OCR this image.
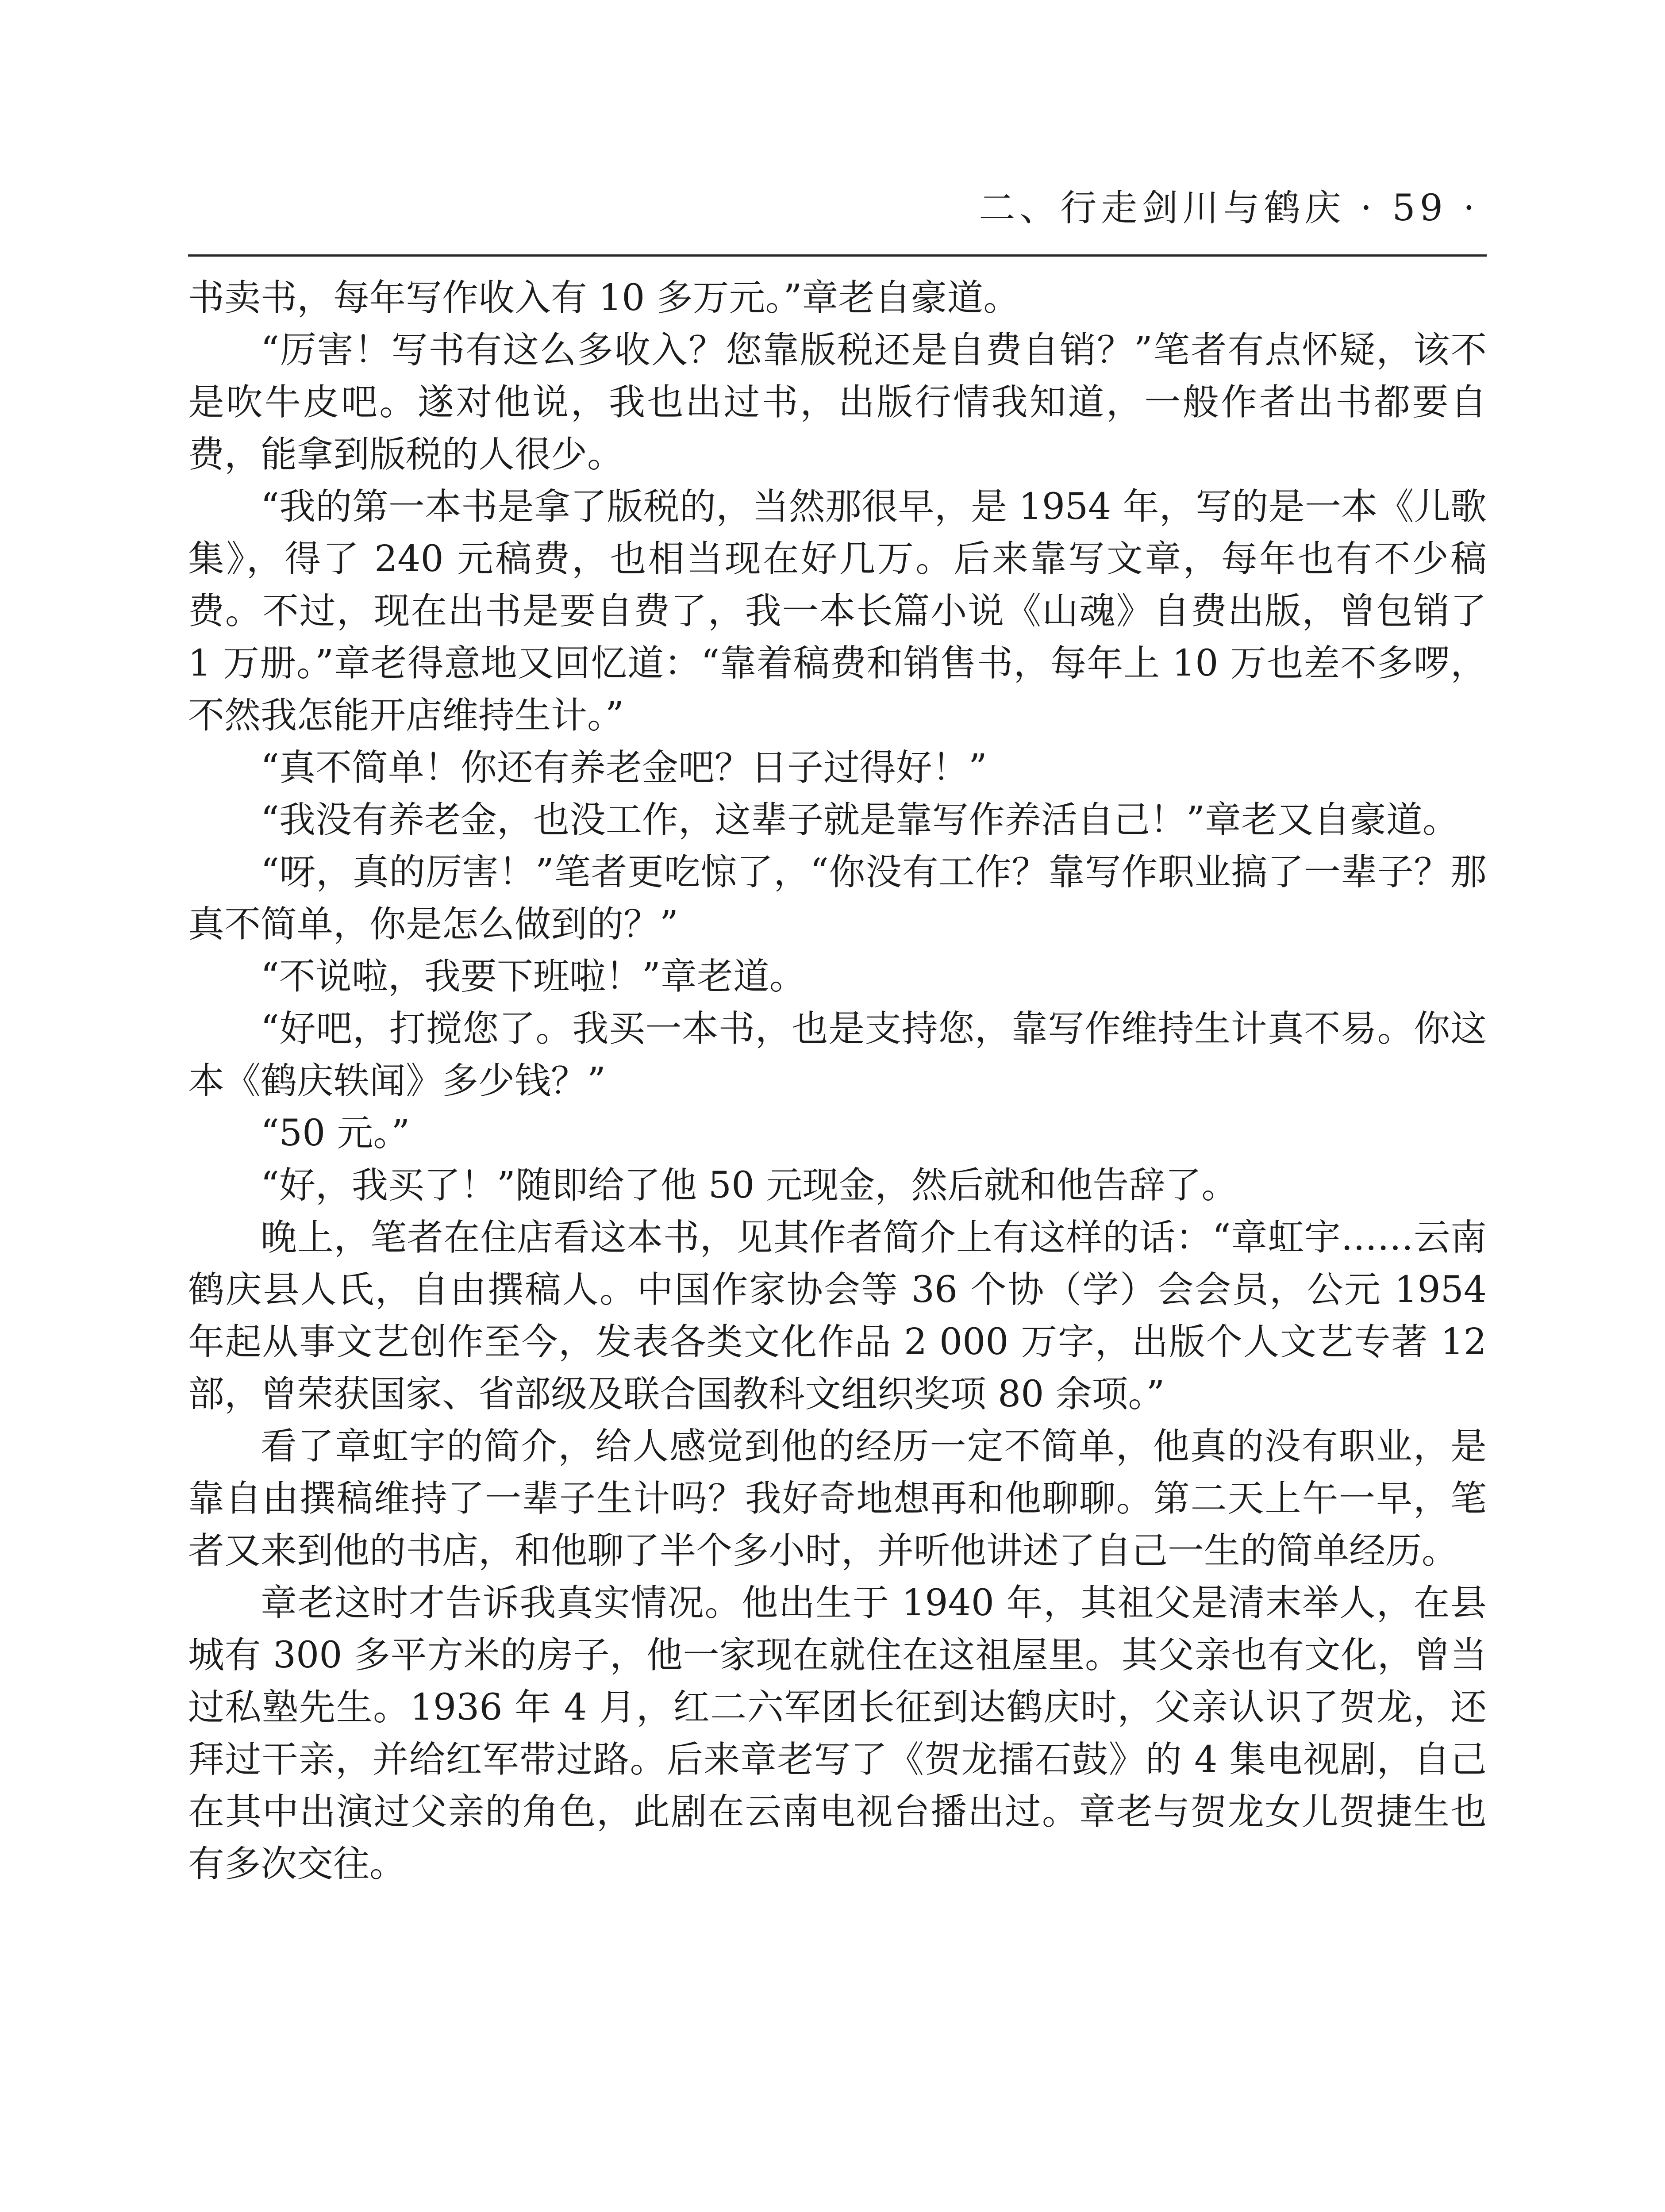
二、行走剑川与鹤庆 · 59 ·

书卖书，每年写作收入有 10 多万元。”章老自豪道。

“厉害！写书有这么多收入？您靠版税还是自费自销？”笔者有点怀疑，该不是吹牛皮吧。遂对他说，我也出过书，出版行情我知道，一般作者出书都要自费，能拿到版税的人很少。

“我的第一本书是拿了版税的，当然那很早，是 1954 年，写的是一本《儿歌集》，得了 240 元稿费，也相当现在好几万。后来靠写文章，每年也有不少稿费。不过，现在出书是要自费了，我一本长篇小说《山魂》自费出版，曾包销了 1 万册。”章老得意地又回忆道：“靠着稿费和销售书，每年上 10 万也差不多啰，不然我怎能开店维持生计。”

“真不简单！你还有养老金吧？日子过得好！”

“我没有养老金，也没工作，这辈子就是靠写作养活自己！”章老又自豪道。

“呀，真的厉害！”笔者更吃惊了，“你没有工作？靠写作职业搞了一辈子？那真不简单，你是怎么做到的？”

“不说啦，我要下班啦！”章老道。

“好吧，打搅您了。我买一本书，也是支持您，靠写作维持生计真不易。你这本《鹤庆轶闻》多少钱？”

“50 元。”

“好，我买了！”随即给了他 50 元现金，然后就和他告辞了。

晚上，笔者在住店看这本书，见其作者简介上有这样的话：“章虹宇……云南鹤庆县人氏，自由撰稿人。中国作家协会等 36 个协（学）会会员，公元 1954 年起从事文艺创作至今，发表各类文化作品 2 000 万字，出版个人文艺专著 12 部，曾荣获国家、省部级及联合国教科文组织奖项 80 余项。”

看了章虹宇的简介，给人感觉到他的经历一定不简单，他真的没有职业，是靠自由撰稿维持了一辈子生计吗？我好奇地想再和他聊聊。第二天上午一早，笔者又来到他的书店，和他聊了半个多小时，并听他讲述了自己一生的简单经历。

章老这时才告诉我真实情况。他出生于 1940 年，其祖父是清末举人，在县城有 300 多平方米的房子，他一家现在就住在这祖屋里。其父亲也有文化，曾当过私塾先生。1936 年 4 月，红二六军团长征到达鹤庆时，父亲认识了贺龙，还拜过干亲，并给红军带过路。后来章老写了《贺龙擂石鼓》的 4 集电视剧，自己在其中出演过父亲的角色，此剧在云南电视台播出过。章老与贺龙女儿贺捷生也有多次交往。
